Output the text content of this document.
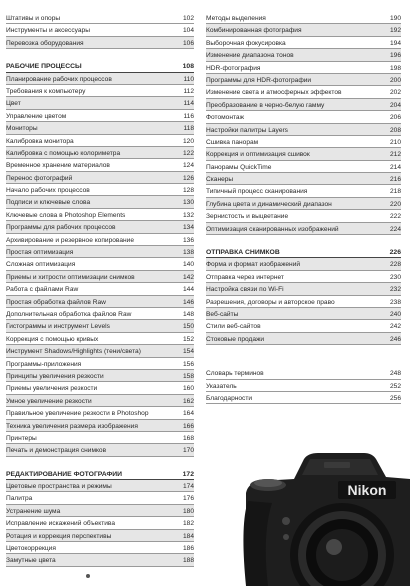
Штативы и опоры	102
Инструменты и аксессуары	104
Перевозка оборудования	106
РАБОЧИЕ ПРОЦЕССЫ	108
Планирование рабочих процессов	110
Требования к компьютеру	112
Цвет	114
Управление цветом	116
Мониторы	118
Калибровка монитора	120
Калибровка с помощью колориметра	122
Временное хранение материалов	124
Перенос фотографий	126
Начало рабочих процессов	128
Подписи и ключевые слова	130
Ключевые слова в Photoshop Elements	132
Программы для рабочих процессов	134
Архивирование и резервное копирование	136
Простая оптимизация	138
Сложная оптимизация	140
Приемы и хитрости оптимизации снимков	142
Работа с файлами Raw	144
Простая обработка файлов Raw	146
Дополнительная обработка файлов Raw	148
Гистограммы и инструмент Levels	150
Коррекция с помощью кривых	152
Инструмент Shadows/Highlights (тени/света)	154
Программы-приложения	156
Принципы увеличения резкости	158
Приемы увеличения резкости	160
Умное увеличение резкости	162
Правильное увеличение резкости в Photoshop	164
Техника увеличения размера изображения	166
Принтеры	168
Печать и демонстрация снимков	170
РЕДАКТИРОВАНИЕ ФОТОГРАФИЙ	172
Цветовые пространства и режимы	174
Палитра	176
Устранение шума	180
Исправление искажений объектива	182
Ротация и коррекция перспективы	184
Цветокоррекция	186
Замутные цвета	188
Методы выделения	190
Комбинированная фотография	192
Выборочная фокусировка	194
Изменение диапазона тонов	196
HDR-фотография	198
Программы для HDR-фотографии	200
Изменение света и атмосферных эффектов	202
Преобразование в черно-белую гамму	204
Фотомонтаж	206
Настройки палитры Layers	208
Сшивка панорам	210
Коррекция и оптимизация сшивок	212
Панорамы QuickTime	214
Сканеры	216
Типичный процесс сканирования	218
Глубина цвета и динамический диапазон	220
Зернистость и выцветание	222
Оптимизация сканированных изображений	224
ОТПРАВКА СНИМКОВ	226
Форма и формат изображений	228
Отправка через интернет	230
Настройка связи по Wi-Fi	232
Разрешения, договоры и авторское право	238
Веб-сайты	240
Стили веб-сайтов	242
Стоковые продажи	246
Словарь терминов	248
Указатель	252
Благодарности	256
Nikon
